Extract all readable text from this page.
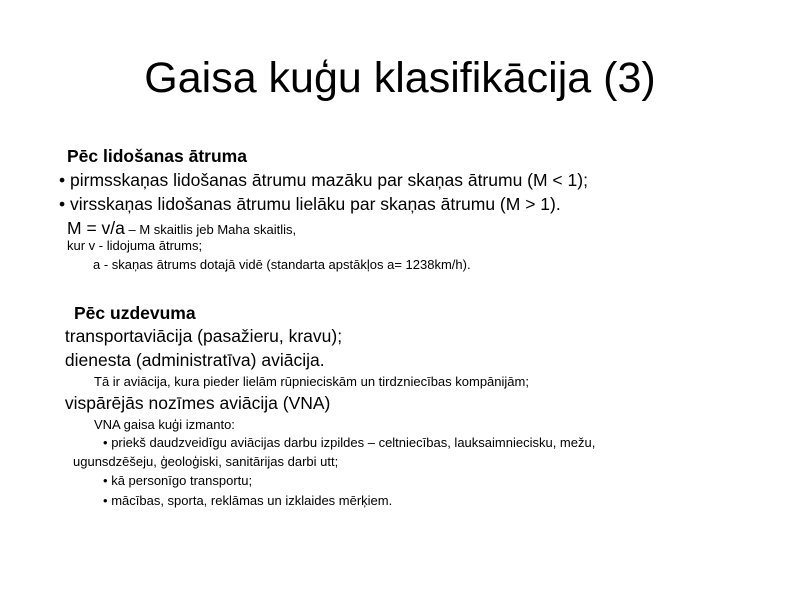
Gaisa kuģu klasifikācija (3)
Pēc lidošanas ātruma
• pirmsskaņas lidošanas ātrumu mazāku par skaņas ātrumu (M < 1);
• virsskaņas lidošanas ātrumu lielāku par skaņas ātrumu (M > 1).
M = v/a – M skaitlis jeb Maha skaitlis,
kur v - lidojuma ātrums;
a - skaņas ātrums dotajā vidē (standarta apstākļos a= 1238km/h).
Pēc uzdevuma
transportaviācija (pasažieru, kravu);
dienesta (administratīva) aviācija.
Tā ir aviācija, kura pieder lielām rūpnieciskām un tirdzniecības kompānijām;
vispārējās nozīmes aviācija (VNA)
VNA gaisa kuģi izmanto:
• priekš daudzveidīgu aviācijas darbu izpildes – celtniecības, lauksaimniecisku, mežu,
ugunsdzēšeju, ģeoloģiski, sanitārijas darbi utt;
• kā personīgo transportu;
• mācības, sporta, reklāmas un izklaides mērķiem.
